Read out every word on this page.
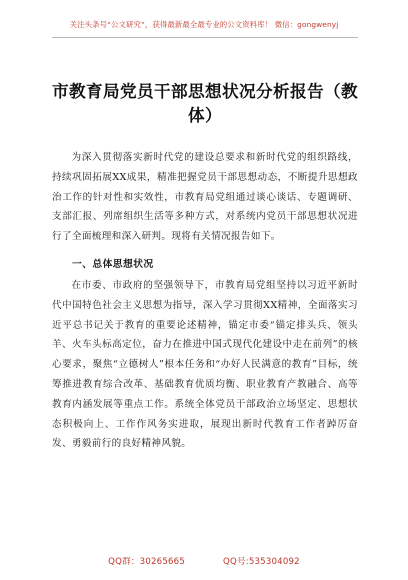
关注头条号“公文研究”，获得最新最全最专业的公文资料库！ 微信：gongwenyj
市教育局党员干部思想状况分析报告（教体）

为深入贯彻落实新时代党的建设总要求和新时代党的组织路线，持续巩固拓展XX成果，精准把握党员干部思想动态，不断提升思想政治工作的针对性和实效性，市教育局党组通过谈心谈话、专题调研、支部汇报、列席组织生活等多种方式，对系统内党员干部思想状况进行了全面梳理和深入研判。现将有关情况报告如下。

一、总体思想状况

在市委、市政府的坚强领导下，市教育局党组坚持以习近平新时代中国特色社会主义思想为指导，深入学习贯彻XX精神，全面落实习近平总书记关于教育的重要论述精神，锚定市委“锚定排头兵、领头羊、火车头标高定位，奋力在推进中国式现代化建设中走在前列”的核心要求，聚焦“立德树人”根本任务和“办好人民满意的教育”目标，统筹推进教育综合改革、基础教育优质均衡、职业教育产教融合、高等教育内涵发展等重点工作。系统全体党员干部政治立场坚定、思想状态积极向上、工作作风务实进取，展现出新时代教育工作者踔厉奋发、勇毅前行的良好精神风貌。

QQ群：30265665	QQ号:535304092
